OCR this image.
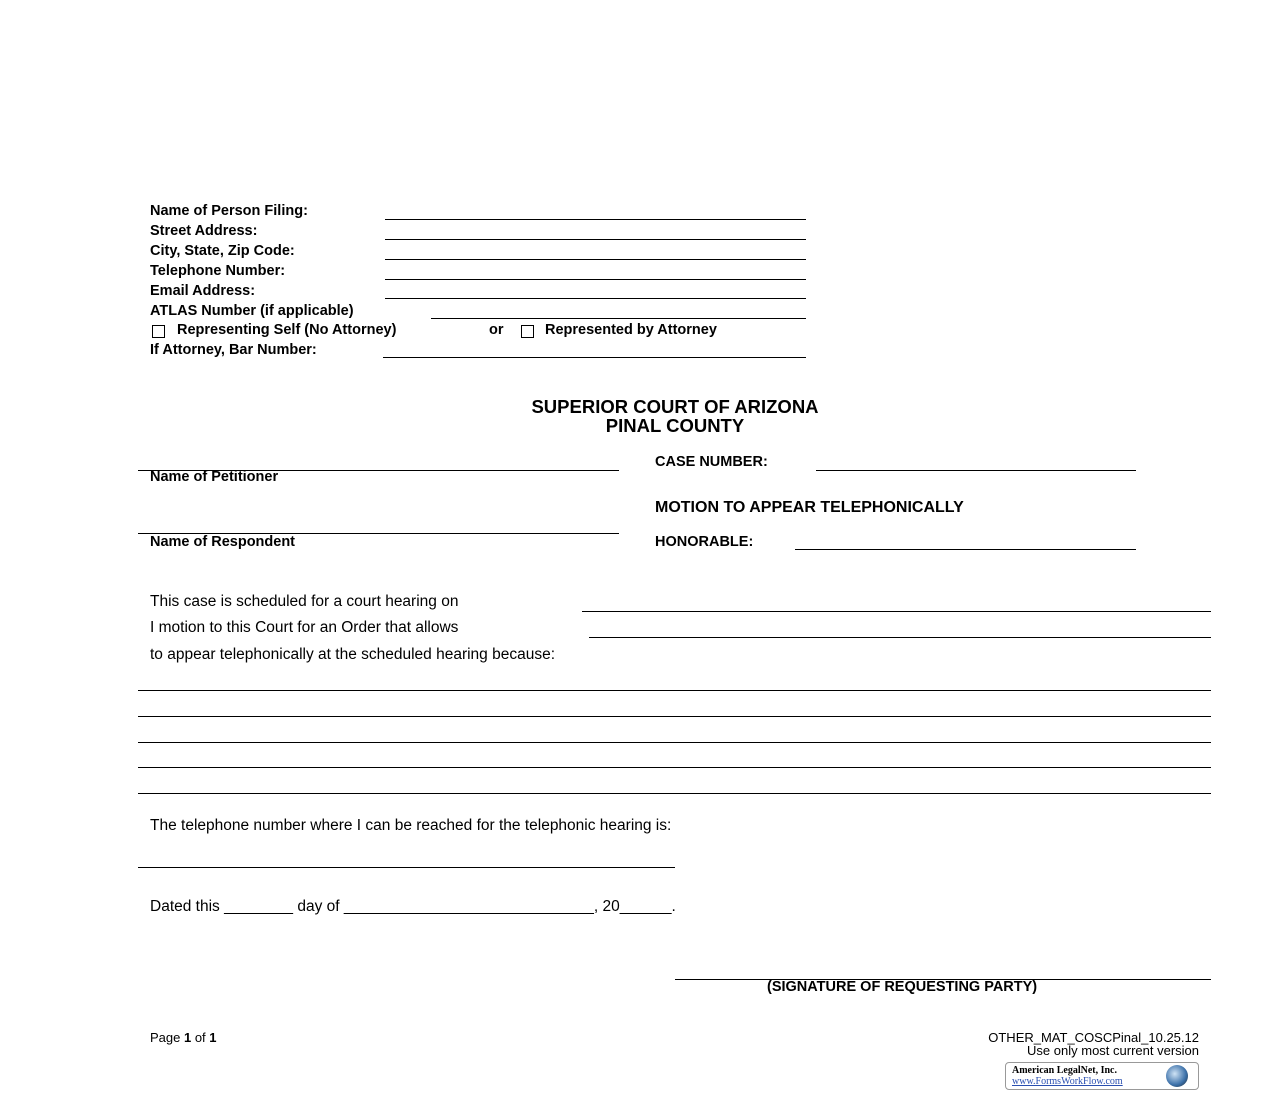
Name of Person Filing:
Street Address:
City, State, Zip Code:
Telephone Number:
Email Address:
ATLAS Number (if applicable)
Representing Self (No Attorney)	or	Represented by Attorney
If Attorney, Bar Number:
SUPERIOR COURT OF ARIZONA
PINAL COUNTY
Name of Petitioner
Name of Respondent
CASE NUMBER:
MOTION TO APPEAR TELEPHONICALLY
HONORABLE:
This case is scheduled for a court hearing on
I motion to this Court for an Order that allows
to appear telephonically at the scheduled hearing because:
The telephone number where I can be reached for the telephonic hearing is:
Dated this ________ day of _____________________________, 20______.
(SIGNATURE OF REQUESTING PARTY)
Page 1 of 1	OTHER_MAT_COSCPinal_10.25.12
Use only most current version
American LegalNet, Inc.
www.FormsWorkFlow.com
